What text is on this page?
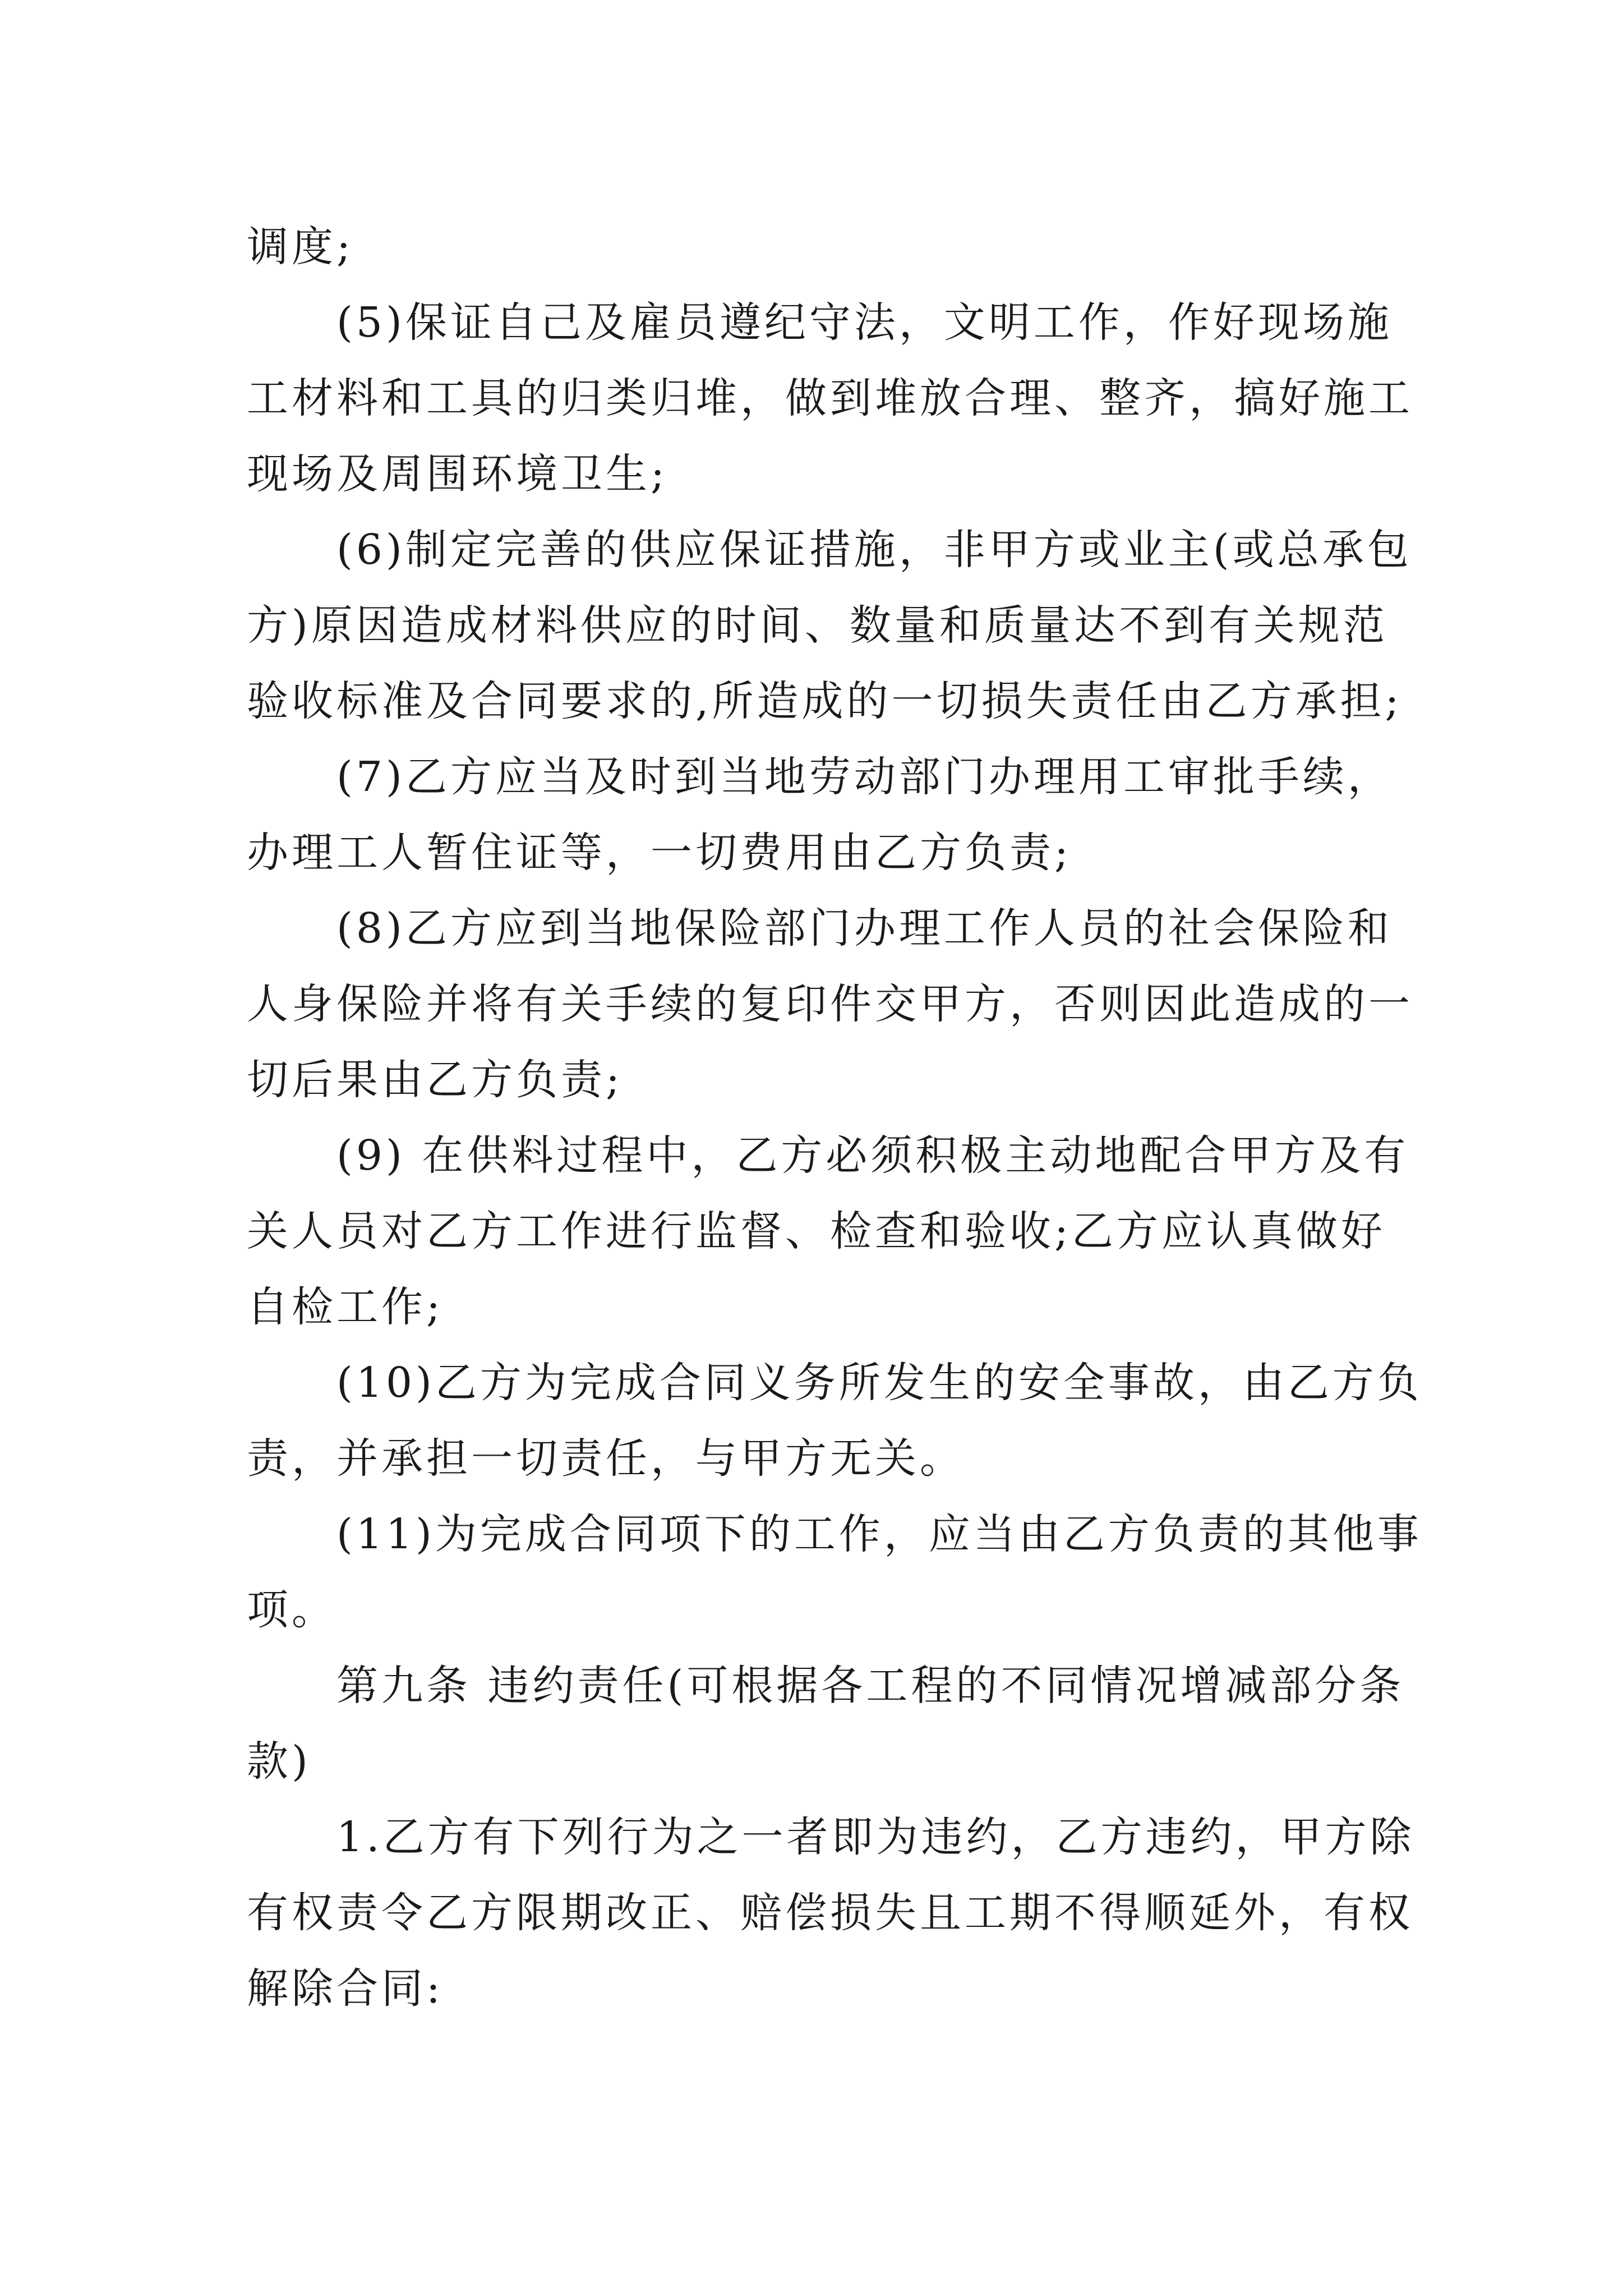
调度;
(5)保证自己及雇员遵纪守法，文明工作，作好现场施
工材料和工具的归类归堆，做到堆放合理、整齐，搞好施工
现场及周围环境卫生;
(6)制定完善的供应保证措施，非甲方或业主(或总承包
方)原因造成材料供应的时间、数量和质量达不到有关规范
验收标准及合同要求的,所造成的一切损失责任由乙方承担;
(7)乙方应当及时到当地劳动部门办理用工审批手续，
办理工人暂住证等，一切费用由乙方负责;
(8)乙方应到当地保险部门办理工作人员的社会保险和
人身保险并将有关手续的复印件交甲方，否则因此造成的一
切后果由乙方负责;
(9) 在供料过程中，乙方必须积极主动地配合甲方及有
关人员对乙方工作进行监督、检查和验收;乙方应认真做好
自检工作;
(10)乙方为完成合同义务所发生的安全事故，由乙方负
责，并承担一切责任，与甲方无关。
(11)为完成合同项下的工作，应当由乙方负责的其他事
项。
第九条 违约责任(可根据各工程的不同情况增减部分条
款)
1.乙方有下列行为之一者即为违约，乙方违约，甲方除
有权责令乙方限期改正、赔偿损失且工期不得顺延外，有权
解除合同:
